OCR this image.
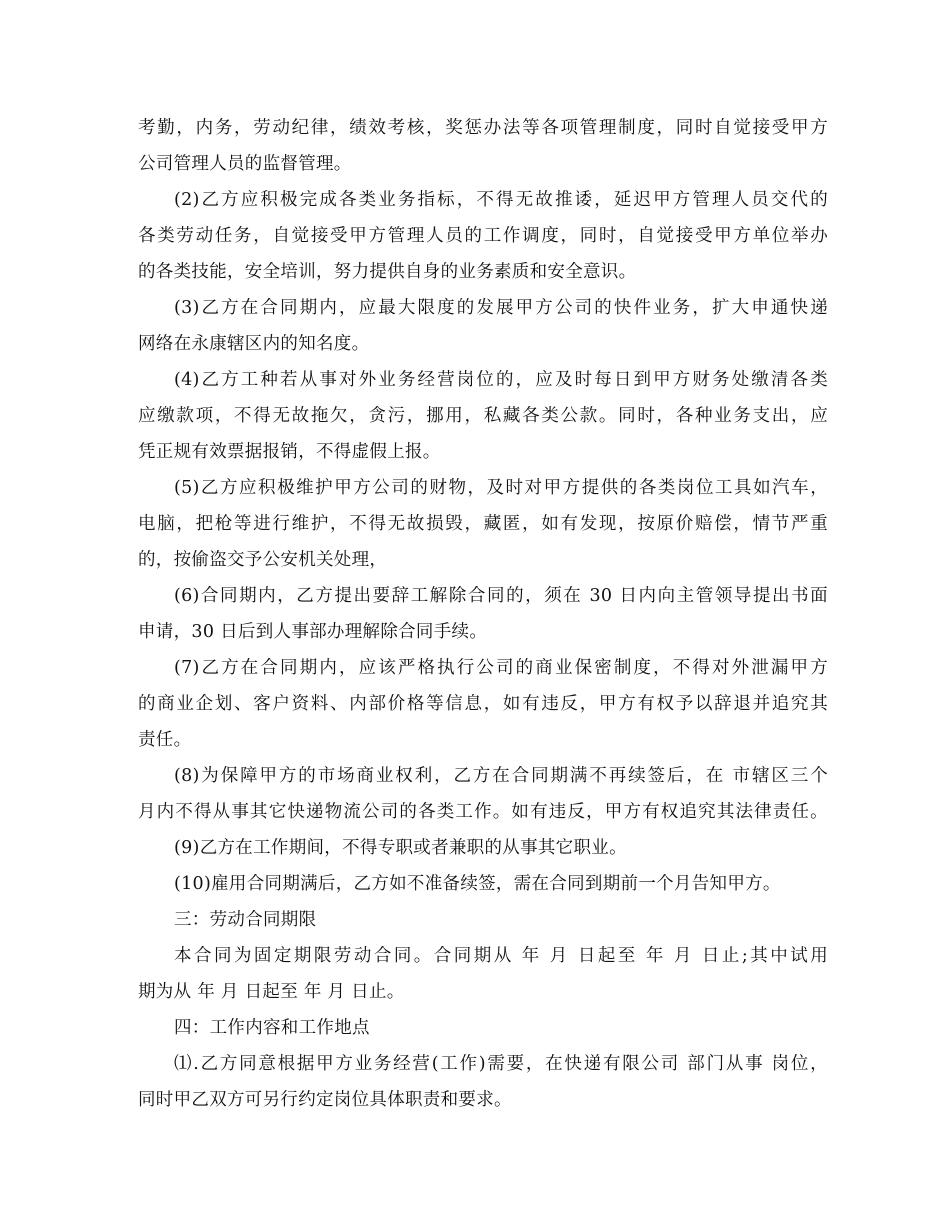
考勤，内务，劳动纪律，绩效考核，奖惩办法等各项管理制度，同时自觉接受甲方
公司管理人员的监督管理。
(2)乙方应积极完成各类业务指标，不得无故推诿，延迟甲方管理人员交代的
各类劳动任务，自觉接受甲方管理人员的工作调度，同时，自觉接受甲方单位举办
的各类技能，安全培训，努力提供自身的业务素质和安全意识。
(3)乙方在合同期内，应最大限度的发展甲方公司的快件业务，扩大申通快递
网络在永康辖区内的知名度。
(4)乙方工种若从事对外业务经营岗位的，应及时每日到甲方财务处缴清各类
应缴款项，不得无故拖欠，贪污，挪用，私藏各类公款。同时，各种业务支出，应
凭正规有效票据报销，不得虚假上报。
(5)乙方应积极维护甲方公司的财物，及时对甲方提供的各类岗位工具如汽车，
电脑，把枪等进行维护，不得无故损毁，藏匿，如有发现，按原价赔偿，情节严重
的，按偷盗交予公安机关处理，
(6)合同期内，乙方提出要辞工解除合同的，须在 30 日内向主管领导提出书面
申请，30 日后到人事部办理解除合同手续。
(7)乙方在合同期内，应该严格执行公司的商业保密制度，不得对外泄漏甲方
的商业企划、客户资料、内部价格等信息，如有违反，甲方有权予以辞退并追究其
责任。
(8)为保障甲方的市场商业权利，乙方在合同期满不再续签后，在 市辖区三个
月内不得从事其它快递物流公司的各类工作。如有违反，甲方有权追究其法律责任。
(9)乙方在工作期间，不得专职或者兼职的从事其它职业。
(10)雇用合同期满后，乙方如不准备续签，需在合同到期前一个月告知甲方。
三：劳动合同期限
本合同为固定期限劳动合同。合同期从 年 月 日起至 年 月 日止;其中试用
期为从 年 月 日起至 年 月 日止。
四：工作内容和工作地点
⑴.乙方同意根据甲方业务经营(工作)需要，在快递有限公司 部门从事 岗位，
同时甲乙双方可另行约定岗位具体职责和要求。
